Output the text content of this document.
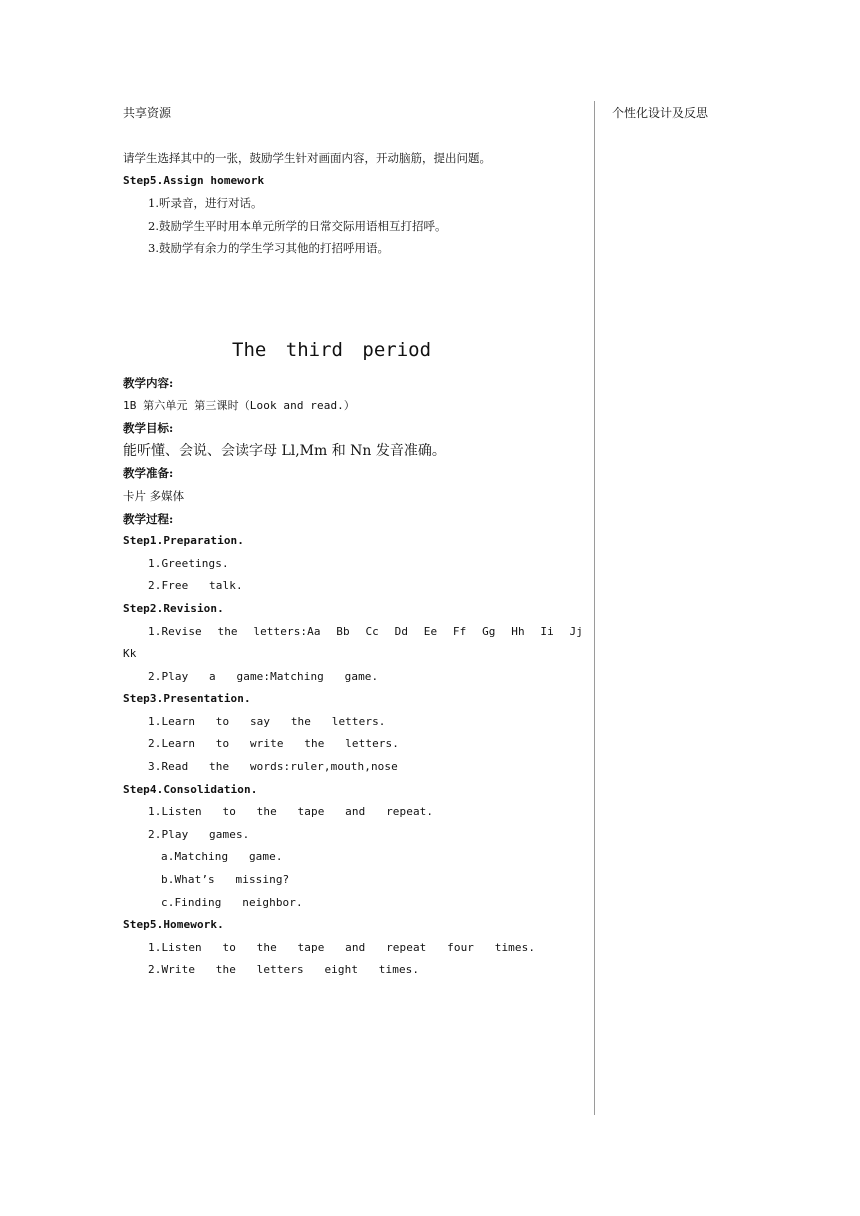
共享资源

请学生选择其中的一张，鼓励学生针对画面内容，开动脑筋，提出问题。

Step5.Assign homework

1.听录音，进行对话。

2.鼓励学生平时用本单元所学的日常交际用语相互打招呼。

3.鼓励学有余力的学生学习其他的打招呼用语。

The third period

教学内容:

1B 第六单元 第三课时（Look and read.）

教学目标:

能听懂、会说、会读字母 Ll,Mm 和 Nn 发音准确。

教学准备:

卡片 多媒体

教学过程:

Step1.Preparation.

1.Greetings.

2.Free talk.

Step2.Revision.

1.Revise the letters:Aa Bb Cc Dd Ee Ff Gg Hh Ii Jj

Kk

2.Play a game:Matching game.

Step3.Presentation.

1.Learn to say the letters.

2.Learn to write the letters.

3.Read the words:ruler,mouth,nose

Step4.Consolidation.

1.Listen to the tape and repeat.

2.Play games.

a.Matching game.

b.What’s missing?

c.Finding neighbor.

Step5.Homework.

1.Listen to the tape and repeat four times.

2.Write the letters eight times.

个性化设计及反思
